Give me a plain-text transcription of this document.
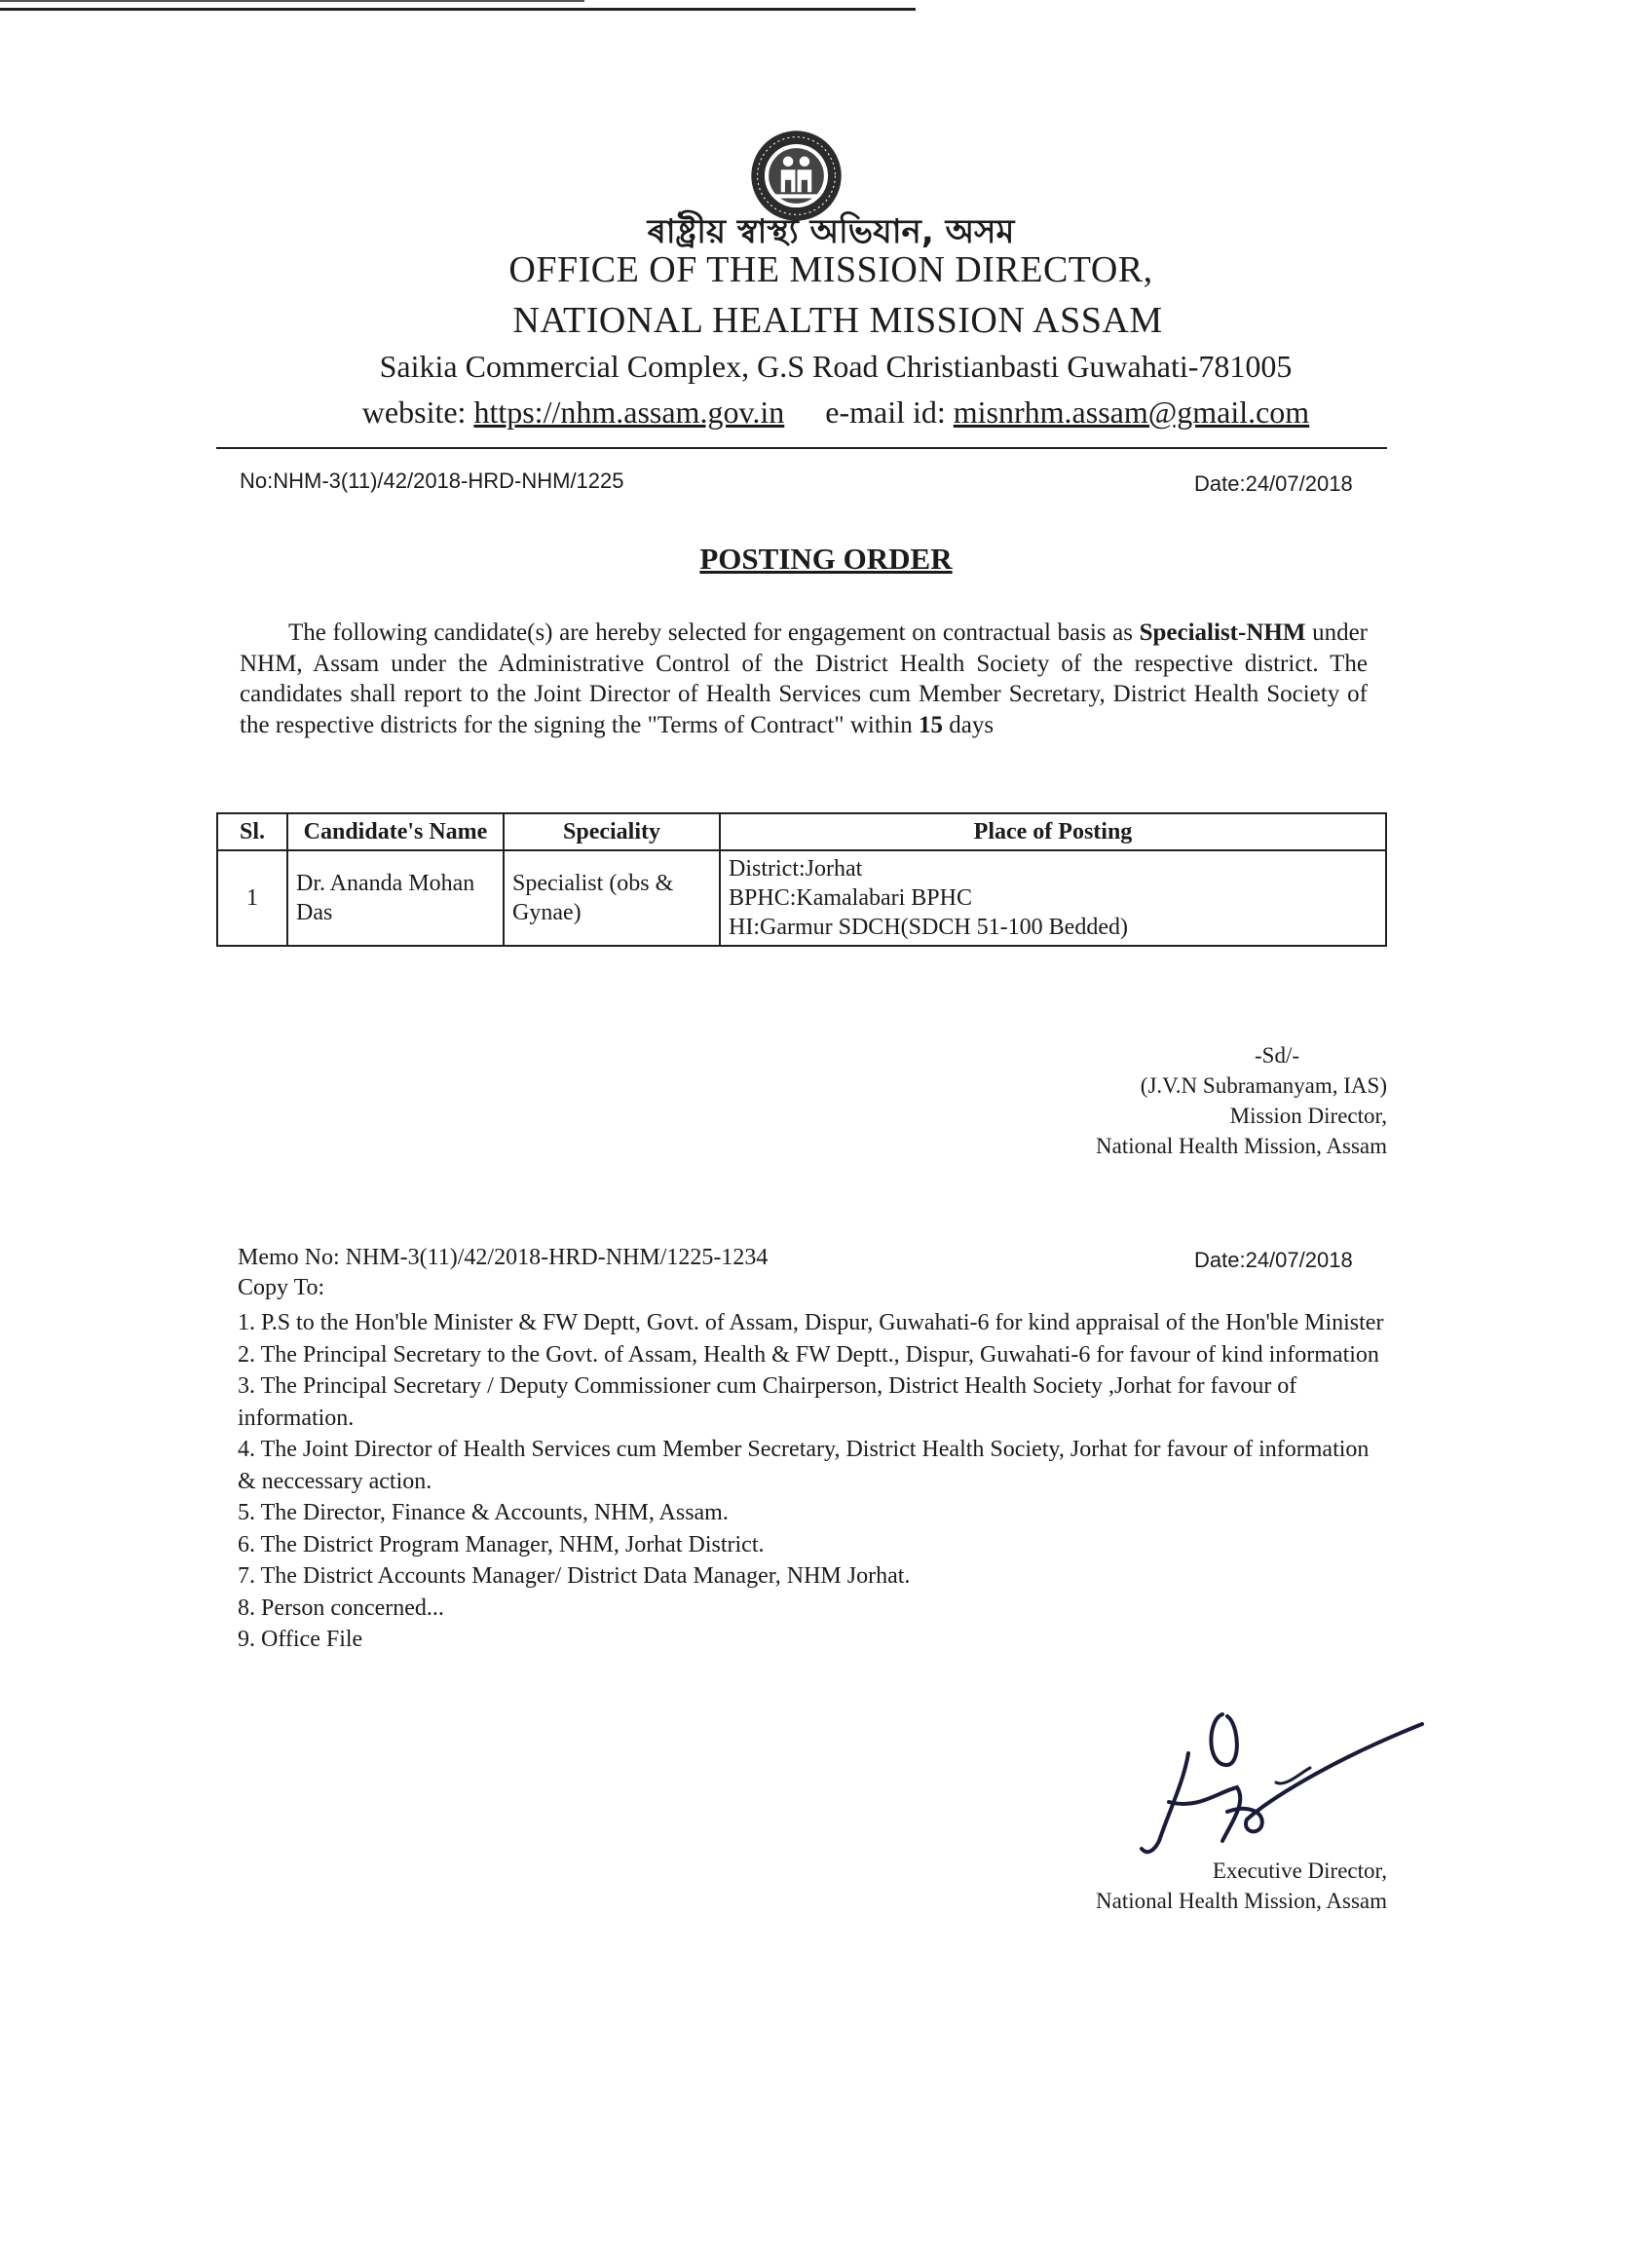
ৰাষ্ট্ৰীয় স্বাস্থ্য অভিযান, অসম
OFFICE OF THE MISSION DIRECTOR,
NATIONAL HEALTH MISSION ASSAM
Saikia Commercial Complex, G.S Road Christianbasti Guwahati-781005
website: https://nhm.assam.gov.in e-mail id: misnrhm.assam@gmail.com
No:NHM-3(11)/42/2018-HRD-NHM/1225	Date:24/07/2018
POSTING ORDER

The following candidate(s) are hereby selected for engagement on contractual basis as Specialist-NHM under NHM, Assam under the Administrative Control of the District Health Society of the respective district. The candidates shall report to the Joint Director of Health Services cum Member Secretary, District Health Society of the respective districts for the signing the "Terms of Contract" within 15 days

Sl.	Candidate's Name	Speciality	Place of Posting
1	Dr. Ananda Mohan Das	Specialist (obs & Gynae)	District:Jorhat
BPHC:Kamalabari BPHC
HI:Garmur SDCH(SDCH 51-100 Bedded)
-Sd/-
(J.V.N Subramanyam, IAS)
Mission Director,
National Health Mission, Assam
Memo No: NHM-3(11)/42/2018-HRD-NHM/1225-1234	Date:24/07/2018
Copy To:
1. P.S to the Hon'ble Minister & FW Deptt, Govt. of Assam, Dispur, Guwahati-6 for kind appraisal of the Hon'ble Minister
2. The Principal Secretary to the Govt. of Assam, Health & FW Deptt., Dispur, Guwahati-6 for favour of kind information
3. The Principal Secretary / Deputy Commissioner cum Chairperson, District Health Society ,Jorhat for favour of information.
4. The Joint Director of Health Services cum Member Secretary, District Health Society, Jorhat for favour of information & neccessary action.
5. The Director, Finance & Accounts, NHM, Assam.
6. The District Program Manager, NHM, Jorhat District.
7. The District Accounts Manager/ District Data Manager, NHM Jorhat.
8. Person concerned...
9. Office File
Executive Director,
National Health Mission, Assam
